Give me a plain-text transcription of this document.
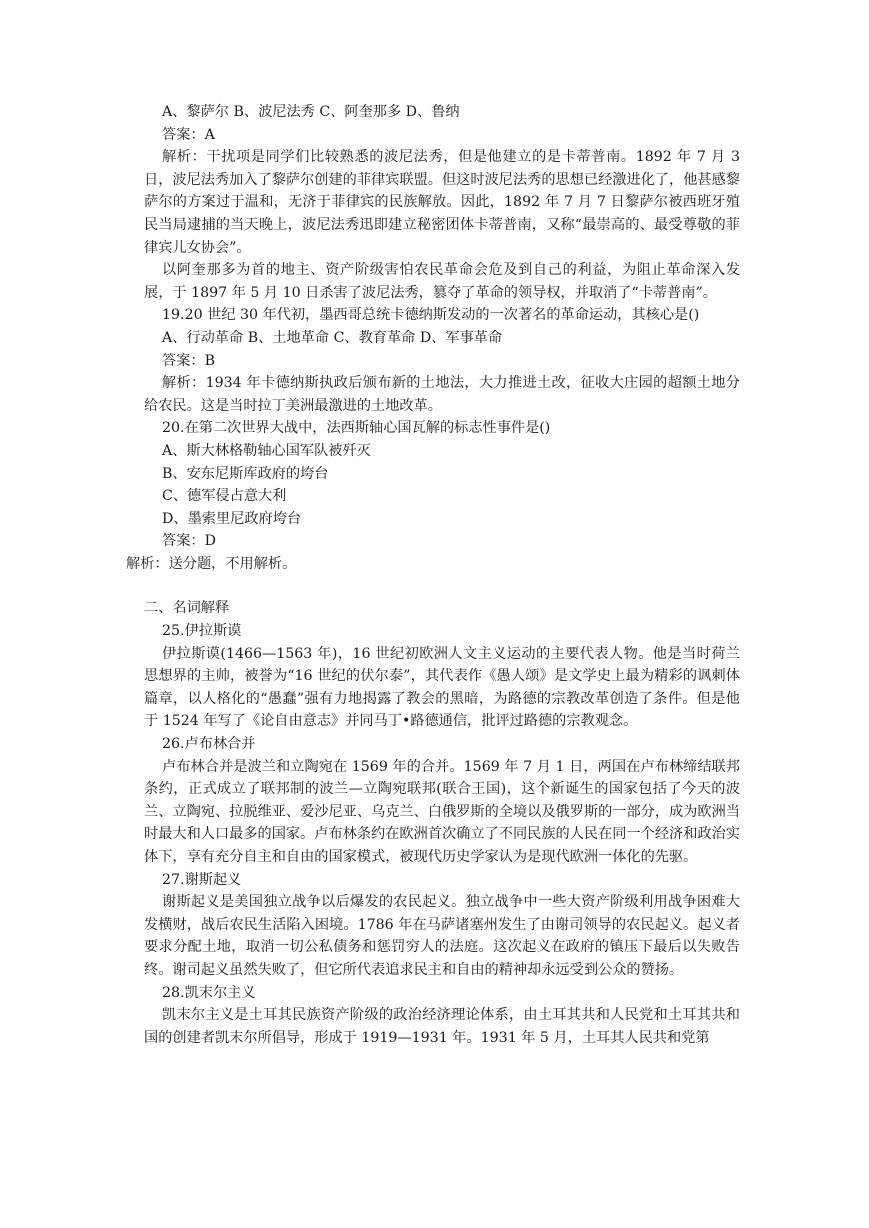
A、黎萨尔 B、波尼法秀 C、阿奎那多 D、鲁纳

答案：A

解析：干扰项是同学们比较熟悉的波尼法秀，但是他建立的是卡蒂普南。1892 年 7 月 3 日，波尼法秀加入了黎萨尔创建的菲律宾联盟。但这时波尼法秀的思想已经激进化了，他甚感黎萨尔的方案过于温和，无济于菲律宾的民族解放。因此，1892 年 7 月 7 日黎萨尔被西班牙殖民当局逮捕的当天晚上，波尼法秀迅即建立秘密团体卡蒂普南，又称“最崇高的、最受尊敬的菲律宾儿女协会”。

以阿奎那多为首的地主、资产阶级害怕农民革命会危及到自己的利益，为阻止革命深入发展，于 1897 年 5 月 10 日杀害了波尼法秀，篡夺了革命的领导权，并取消了“卡蒂普南”。

19.20 世纪 30 年代初，墨西哥总统卡德纳斯发动的一次著名的革命运动，其核心是()

A、行动革命 B、土地革命 C、教育革命 D、军事革命

答案：B

解析：1934 年卡德纳斯执政后颁布新的土地法，大力推进土改，征收大庄园的超额土地分给农民。这是当时拉丁美洲最激进的土地改革。

20.在第二次世界大战中，法西斯轴心国瓦解的标志性事件是()

A、斯大林格勒轴心国军队被歼灭

B、安东尼斯库政府的垮台

C、德军侵占意大利

D、墨索里尼政府垮台

答案：D

解析：送分题，不用解析。

二、名词解释

25.伊拉斯谟

伊拉斯谟(1466—1563 年)，16 世纪初欧洲人文主义运动的主要代表人物。他是当时荷兰思想界的主帅，被誉为“16 世纪的伏尔泰”，其代表作《愚人颂》是文学史上最为精彩的讽刺体篇章，以人格化的“愚蠢”强有力地揭露了教会的黑暗，为路德的宗教改革创造了条件。但是他于 1524 年写了《论自由意志》并同马丁•路德通信，批评过路德的宗教观念。

26.卢布林合并

卢布林合并是波兰和立陶宛在 1569 年的合并。1569 年 7 月 1 日，两国在卢布林缔结联邦条约，正式成立了联邦制的波兰—立陶宛联邦(联合王国)，这个新诞生的国家包括了今天的波兰、立陶宛、拉脱维亚、爱沙尼亚、乌克兰、白俄罗斯的全境以及俄罗斯的一部分，成为欧洲当时最大和人口最多的国家。卢布林条约在欧洲首次确立了不同民族的人民在同一个经济和政治实体下，享有充分自主和自由的国家模式，被现代历史学家认为是现代欧洲一体化的先驱。

27.谢斯起义

谢斯起义是美国独立战争以后爆发的农民起义。独立战争中一些大资产阶级利用战争困难大发横财，战后农民生活陷入困境。1786 年在马萨诸塞州发生了由谢司领导的农民起义。起义者要求分配土地，取消一切公私债务和惩罚穷人的法庭。这次起义在政府的镇压下最后以失败告终。谢司起义虽然失败了，但它所代表追求民主和自由的精神却永远受到公众的赞扬。

28.凯末尔主义

凯末尔主义是土耳其民族资产阶级的政治经济理论体系，由土耳其共和人民党和土耳其共和国的创建者凯末尔所倡导，形成于 1919—1931 年。1931 年 5 月，土耳其人民共和党第
